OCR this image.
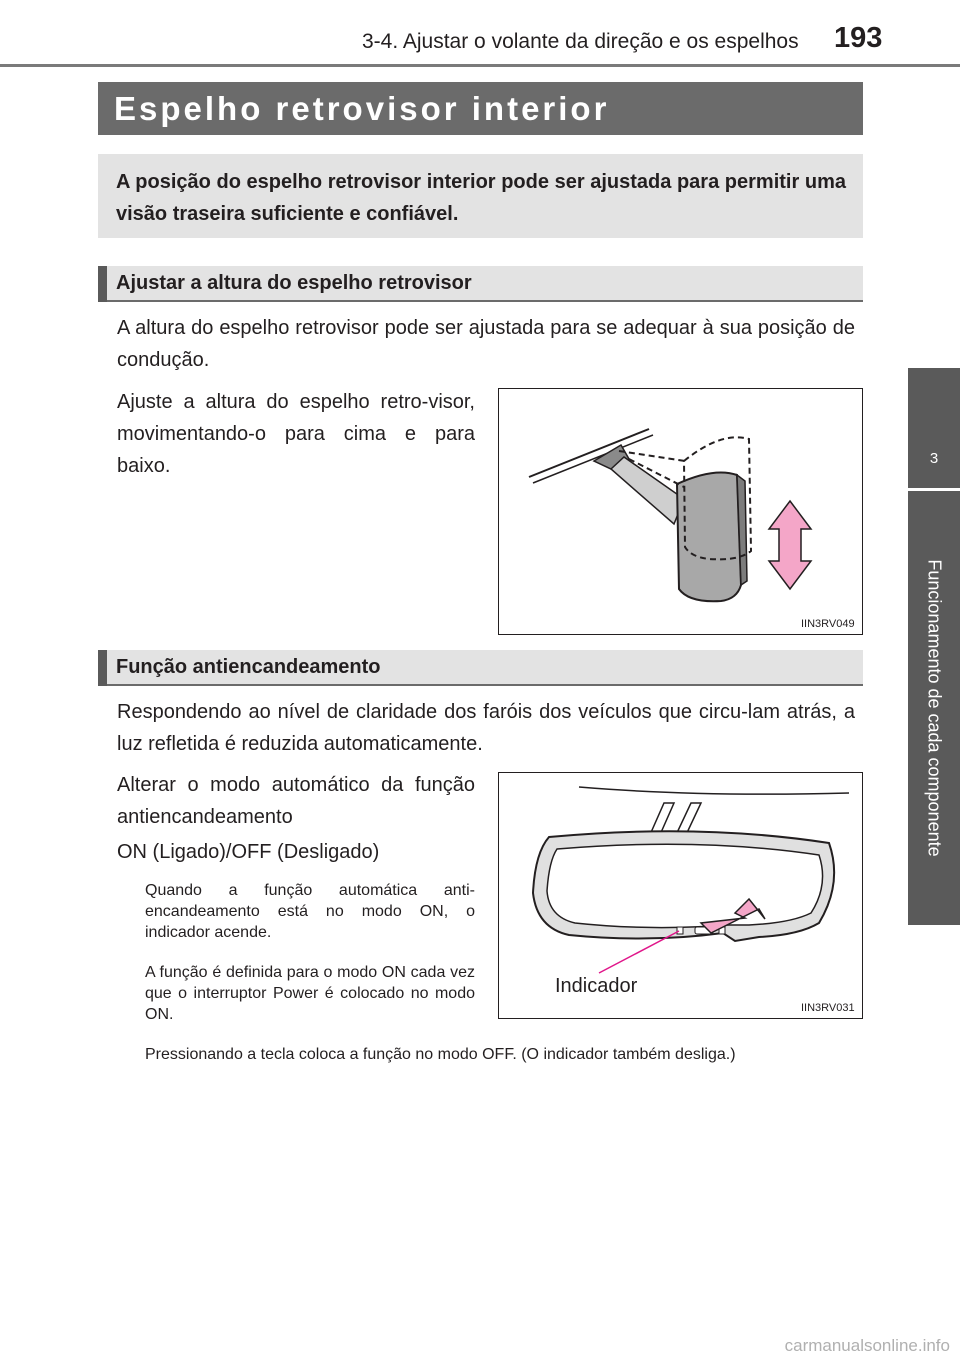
3-4. Ajustar o volante da direção e os espelhos 193
3
Funcionamento de cada componente
Espelho retrovisor interior

A posição do espelho retrovisor interior pode ser ajustada para permitir uma visão traseira suficiente e confiável.

Ajustar a altura do espelho retrovisor

A altura do espelho retrovisor pode ser ajustada para se adequar à sua posição de condução.

Ajuste a altura do espelho retro-visor, movimentando-o para cima e para baixo.

IIN3RV049
Função antiencandeamento

Respondendo ao nível de claridade dos faróis dos veículos que circu-lam atrás, a luz refletida é reduzida automaticamente.

Alterar o modo automático da função antiencandeamento

ON (Ligado)/OFF (Desligado)

Quando a função automática anti-encandeamento está no modo ON, o indicador acende.

A função é definida para o modo ON cada vez que o interruptor Power é colocado no modo ON.

Pressionando a tecla coloca a função no modo OFF. (O indicador também desliga.)

Indicador
IIN3RV031
carmanualsonline.info
